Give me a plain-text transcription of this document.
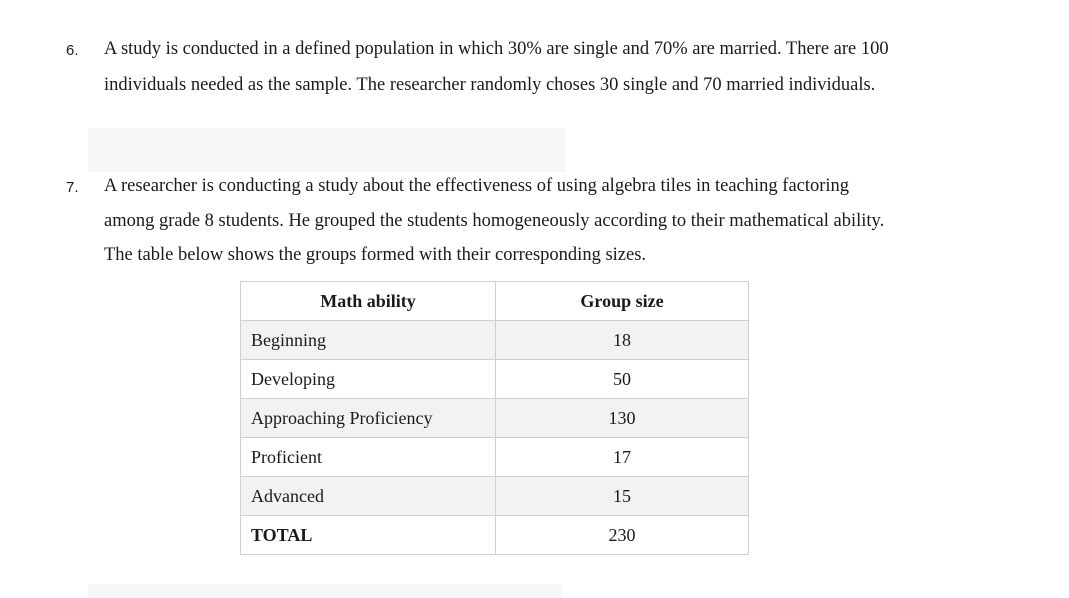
6. A study is conducted in a defined population in which 30% are single and 70% are married. There are 100
individuals needed as the sample. The researcher randomly choses 30 single and 70 married individuals.
7. A researcher is conducting a study about the effectiveness of using algebra tiles in teaching factoring
among grade 8 students. He grouped the students homogeneously according to their mathematical ability.
The table below shows the groups formed with their corresponding sizes.
Math ability	Group size
Beginning	18
Developing	50
Approaching Proficiency	130
Proficient	17
Advanced	15
TOTAL	230
